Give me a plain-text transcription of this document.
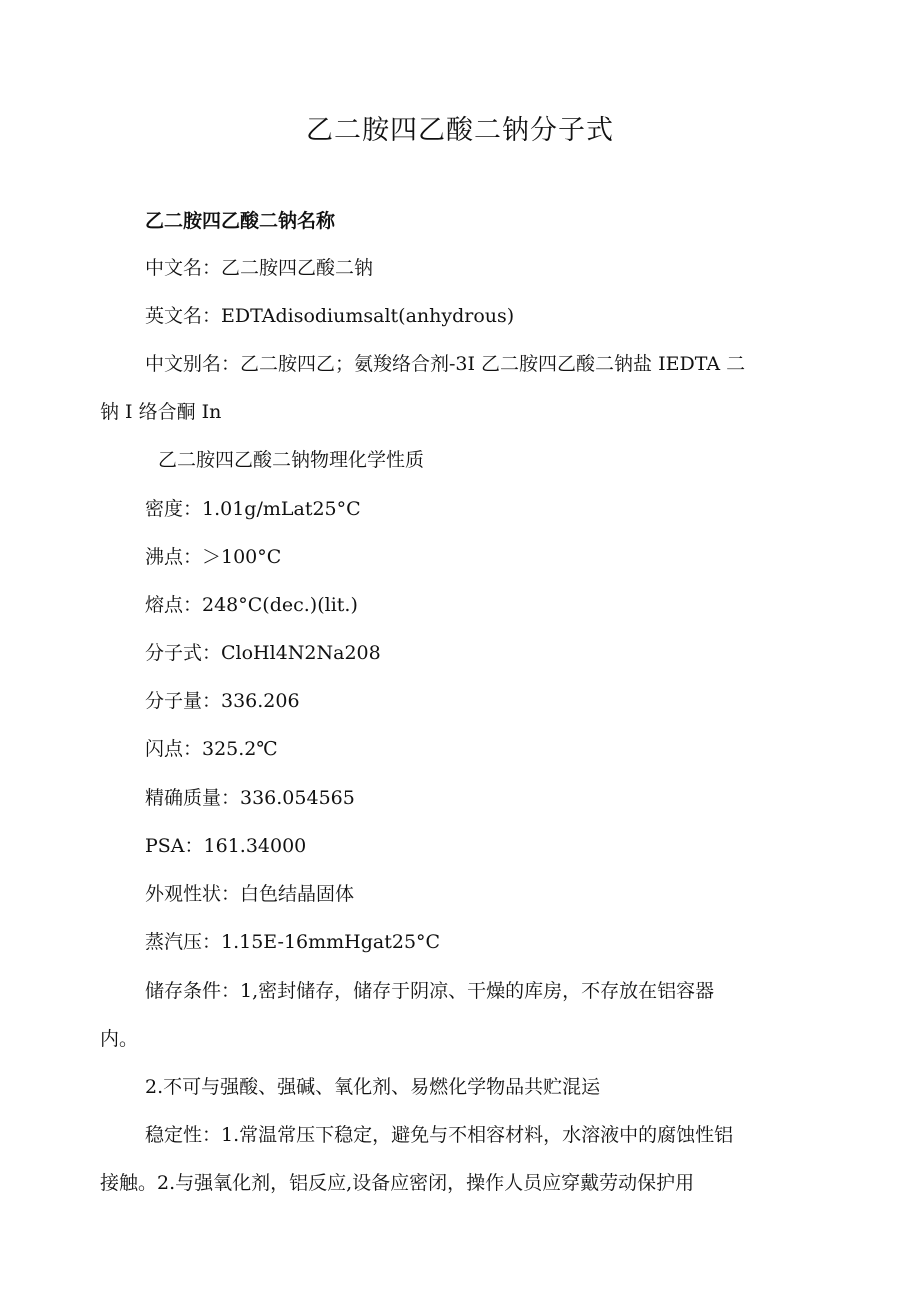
乙二胺四乙酸二钠分子式
乙二胺四乙酸二钠名称
中文名：乙二胺四乙酸二钠
英文名：EDTAdisodiumsalt(anhydrous)
中文别名：乙二胺四乙；氨羧络合剂-3I 乙二胺四乙酸二钠盐 IEDTA 二
钠 I 络合酮 In
乙二胺四乙酸二钠物理化学性质
密度：1.01g/mLat25°C
沸点：＞100°C
熔点：248°C(dec.)(lit.)
分子式：CloHl4N2Na208
分子量：336.206
闪点：325.2℃
精确质量：336.054565
PSA：161.34000
外观性状：白色结晶固体
蒸汽压：1.15E-16mmHgat25°C
储存条件：1,密封储存，储存于阴凉、干燥的库房，不存放在铝容器
内。
2.不可与强酸、强碱、氧化剂、易燃化学物品共贮混运
稳定性：1.常温常压下稳定，避免与不相容材料，水溶液中的腐蚀性铝
接触。2.与强氧化剂，铝反应,设备应密闭，操作人员应穿戴劳动保护用
